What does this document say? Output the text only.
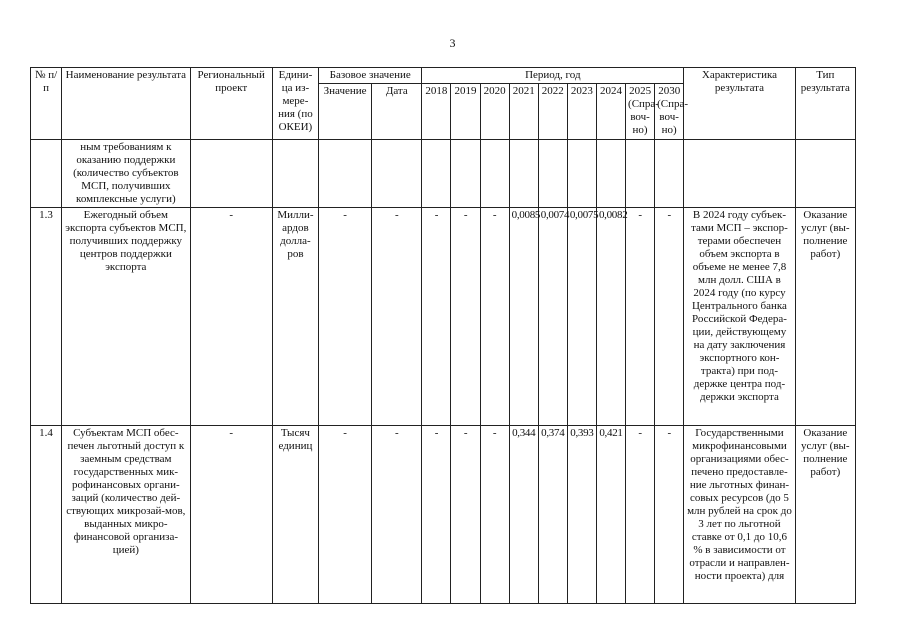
3
№ п/п	Наименование результата	Региональный проект	Едини-ца из-мере-ния (по ОКЕИ)	Базовое значение		Период, год									Характеристика результата	Тип результата
				Значение	Дата	2018	2019	2020	2021	2022	2023	2024	2025 (Спра-воч-но)	2030 (Спра-воч-но)		
	ным требованиям к оказанию поддержки (количество субъектов МСП, получивших комплексные услуги)															
1.3	Ежегодный объем экспорта субъектов МСП, получивших поддержку центров поддержки экспорта	-	Милли-ардов долла-ров	-	-	-	-	-	0,0085	0,0074	0,0075	0,0082	-	-	В 2024 году субъек-тами МСП – экспор-терами обеспечен объем экспорта в объеме не менее 7,8 млн долл. США в 2024 году (по курсу Центрального банка Российской Федера-ции, действующему на дату заключения экспортного кон-тракта) при под-держке центра под-держки экспорта	Оказание услуг (вы-полнение работ)
1.4	Субъектам МСП обес-печен льготный доступ к заемным средствам государственных мик-рофинансовых органи-заций (количество дей-ствующих микрозай-мов, выданных микро-финансовой организа-цией)	-	Тысяч единиц	-	-	-	-	-	0,344	0,374	0,393	0,421	-	-	Государственными микрофинансовыми организациями обес-печено предоставле-ние льготных финан-совых ресурсов (до 5 млн рублей на срок до 3 лет по льготной ставке от 0,1 до 10,6 % в зависимости от отрасли и направлен-ности проекта) для	Оказание услуг (вы-полнение работ)
